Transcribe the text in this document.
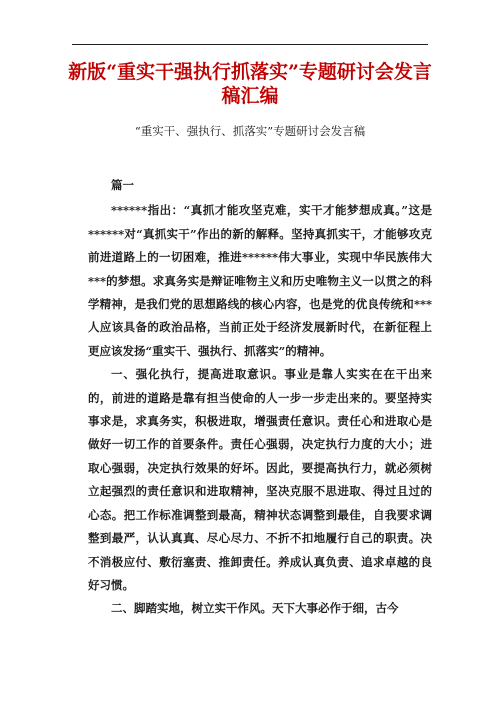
新版“重实干强执行抓落实”专题研讨会发言稿汇编

“重实干、强执行、抓落实”专题研讨会发言稿

篇一

******指出：“真抓才能攻坚克难，实干才能梦想成真。”这是******对“真抓实干”作出的新的解释。坚持真抓实干，才能够攻克前进道路上的一切困难，推进******伟大事业，实现中华民族伟大***的梦想。求真务实是辩证唯物主义和历史唯物主义一以贯之的科学精神，是我们党的思想路线的核心内容，也是党的优良传统和***人应该具备的政治品格，当前正处于经济发展新时代，在新征程上更应该发扬“重实干、强执行、抓落实”的精神。

一、强化执行，提高进取意识。事业是靠人实实在在干出来的，前进的道路是靠有担当使命的人一步一步走出来的。要坚持实事求是，求真务实，积极进取，增强责任意识。责任心和进取心是做好一切工作的首要条件。责任心强弱，决定执行力度的大小；进取心强弱，决定执行效果的好坏。因此，要提高执行力，就必须树立起强烈的责任意识和进取精神，坚决克服不思进取、得过且过的心态。把工作标准调整到最高，精神状态调整到最佳，自我要求调整到最严，认认真真、尽心尽力、不折不扣地履行自己的职责。决不消极应付、敷衍塞责、推卸责任。养成认真负责、追求卓越的良好习惯。

二、脚踏实地，树立实干作风。天下大事必作于细，古今
